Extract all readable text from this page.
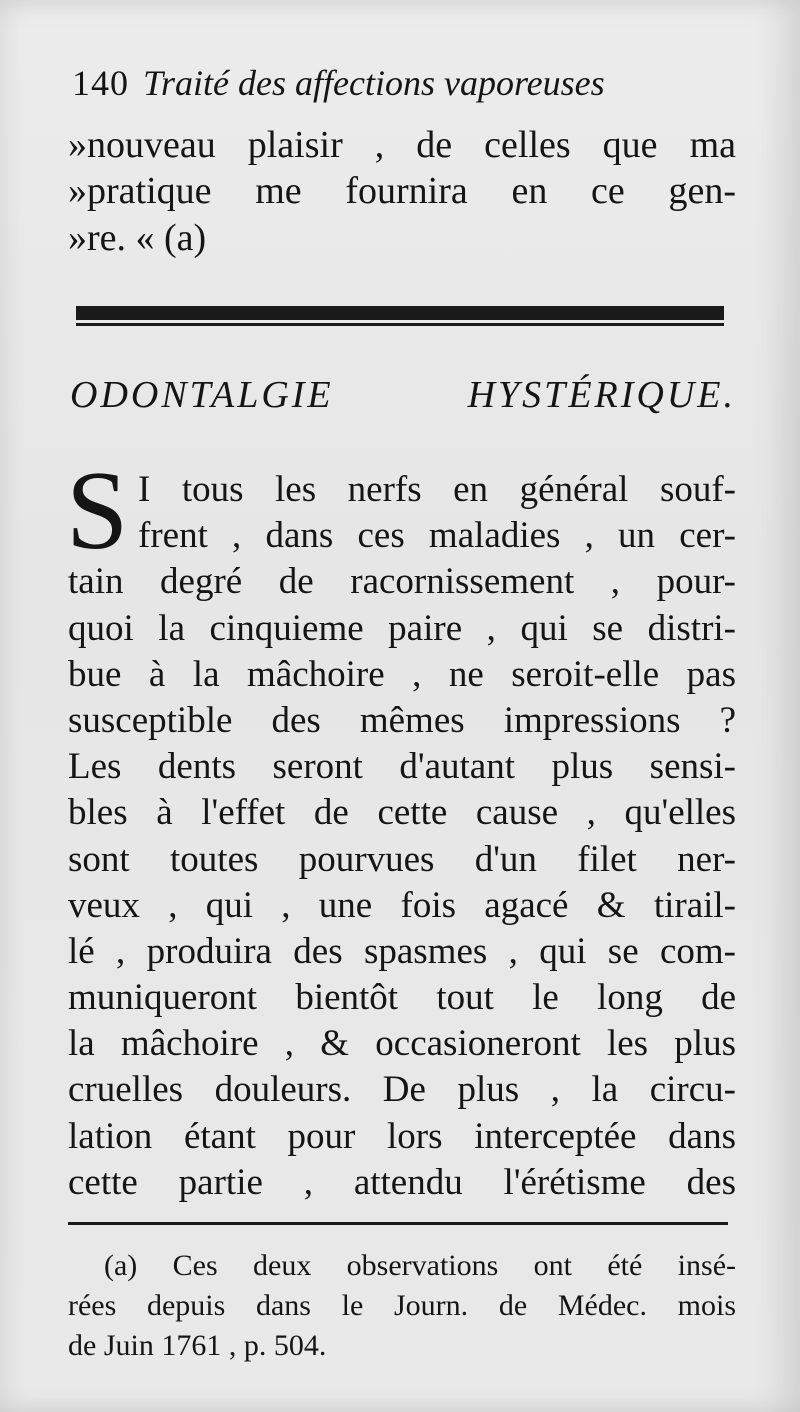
140 Traité des affections vaporeuses
»nouveau plaisir , de celles que ma
»pratique me fournira en ce gen-
»re. « (a)
ODONTALGIE HYSTÉRIQUE.
S I tous les nerfs en général souf-
frent , dans ces maladies , un cer-
tain degré de racornissement , pour-
quoi la cinquieme paire , qui se distri-
bue à la mâchoire , ne seroit-elle pas
susceptible des mêmes impressions ?
Les dents seront d'autant plus sensi-
bles à l'effet de cette cause , qu'elles
sont toutes pourvues d'un filet ner-
veux , qui , une fois agacé & tirail-
lé , produira des spasmes , qui se com-
muniqueront bientôt tout le long de
la mâchoire , & occasioneront les plus
cruelles douleurs. De plus , la circu-
lation étant pour lors interceptée dans
cette partie , attendu l'érétisme des
(a) Ces deux observations ont été insé-
rées depuis dans le Journ. de Médec. mois
de Juin 1761 , p. 504.
